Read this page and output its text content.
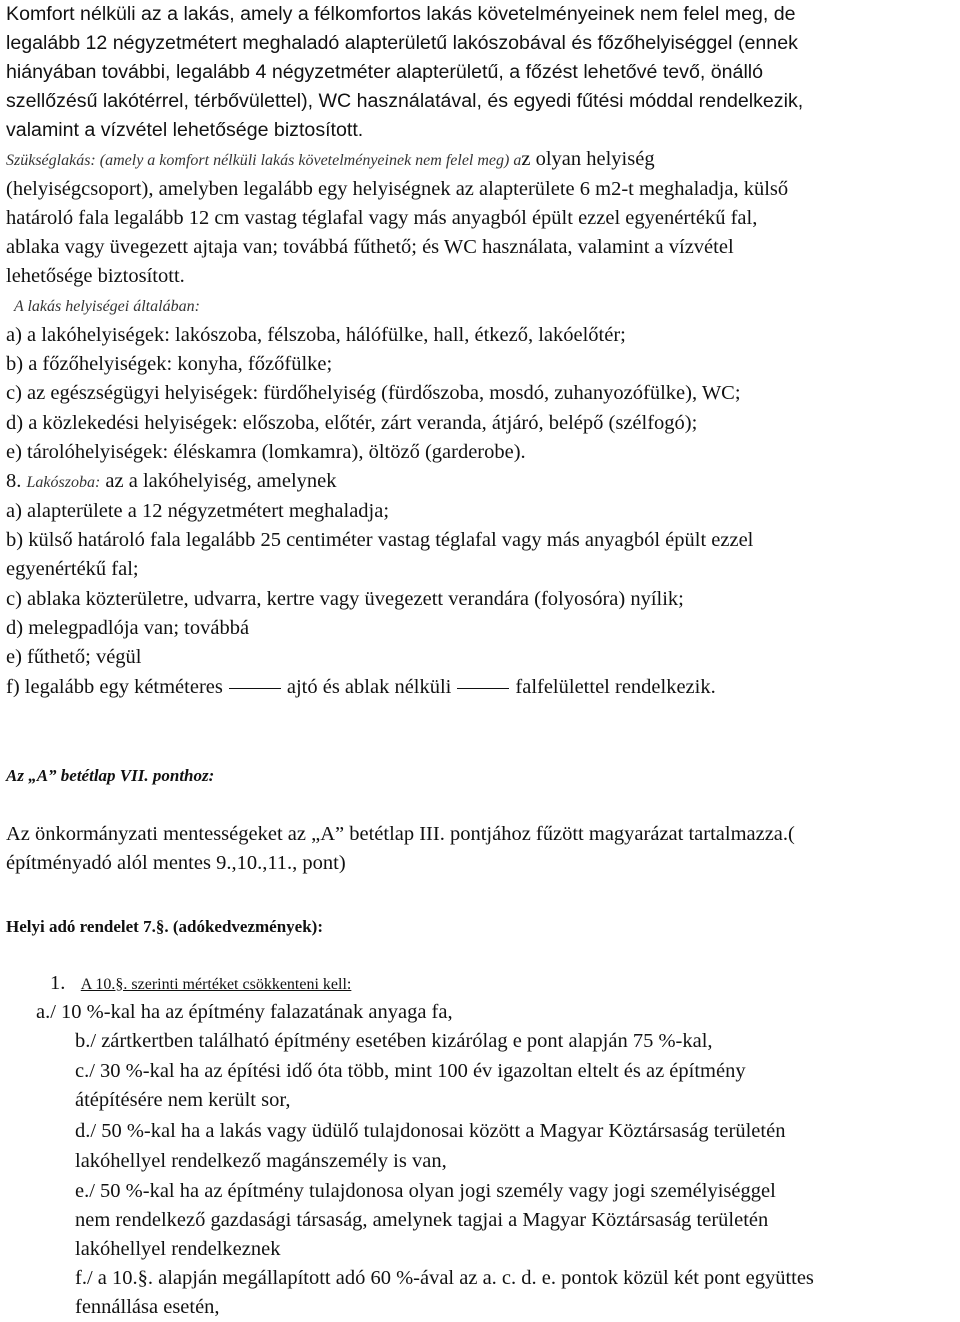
Komfort nélküli az a lakás, amely a félkomfortos lakás követelményeinek nem felel meg, de
legalább 12 négyzetmétert meghaladó alapterületű lakószobával és főzőhelyiséggel (ennek
hiányában további, legalább 4 négyzetméter alapterületű, a főzést lehetővé tevő, önálló
szellőzésű lakótérrel, térbővülettel), WC használatával, és egyedi fűtési móddal rendelkezik,
valamint a vízvétel lehetősége biztosított.
Szükséglakás: (amely a komfort nélküli lakás követelményeinek nem felel meg) az olyan helyiség
(helyiségcsoport), amelyben legalább egy helyiségnek az alapterülete 6 m2-t meghaladja, külső
határoló fala legalább 12 cm vastag téglafal vagy más anyagból épült ezzel egyenértékű fal,
ablaka vagy üvegezett ajtaja van; továbbá fűthető; és WC használata, valamint a vízvétel
lehetősége biztosított.
A lakás helyiségei általában:
a) a lakóhelyiségek: lakószoba, félszoba, hálófülke, hall, étkező, lakóelőtér;
b) a főzőhelyiségek: konyha, főzőfülke;
c) az egészségügyi helyiségek: fürdőhelyiség (fürdőszoba, mosdó, zuhanyozófülke), WC;
d) a közlekedési helyiségek: előszoba, előtér, zárt veranda, átjáró, belépő (szélfogó);
e) tárolóhelyiségek: éléskamra (lomkamra), öltöző (garderobe).
8. Lakószoba: az a lakóhelyiség, amelynek
a) alapterülete a 12 négyzetmétert meghaladja;
b) külső határoló fala legalább 25 centiméter vastag téglafal vagy más anyagból épült ezzel
egyenértékű fal;
c) ablaka közterületre, udvarra, kertre vagy üvegezett verandára (folyosóra) nyílik;
d) melegpadlója van; továbbá
e) fűthető; végül
f) legalább egy kétméteres	ajtó és ablak nélküli	falfelülettel rendelkezik.
Az „A” betétlap VII. ponthoz:
Az önkormányzati mentességeket az „A” betétlap III. pontjához fűzött magyarázat tartalmazza.(
építményadó alól mentes 9.,10.,11., pont)
Helyi adó rendelet 7.§. (adókedvezmények):
1. A 10.§. szerinti mértéket csökkenteni kell:
a./ 10 %-kal ha az építmény falazatának anyaga fa,
b./ zártkertben található építmény esetében kizárólag e pont alapján 75 %-kal,
c./ 30 %-kal ha az építési idő óta több, mint 100 év igazoltan eltelt és az építmény
átépítésére nem került sor,
d./ 50 %-kal ha a lakás vagy üdülő tulajdonosai között a Magyar Köztársaság területén
lakóhellyel rendelkező magánszemély is van,
e./ 50 %-kal ha az építmény tulajdonosa olyan jogi személy vagy jogi személyiséggel
nem rendelkező gazdasági társaság, amelynek tagjai a Magyar Köztársaság területén
lakóhellyel rendelkeznek
f./ a 10.§. alapján megállapított adó 60 %-ával az a. c. d. e. pontok közül két pont együttes
fennállása esetén,
